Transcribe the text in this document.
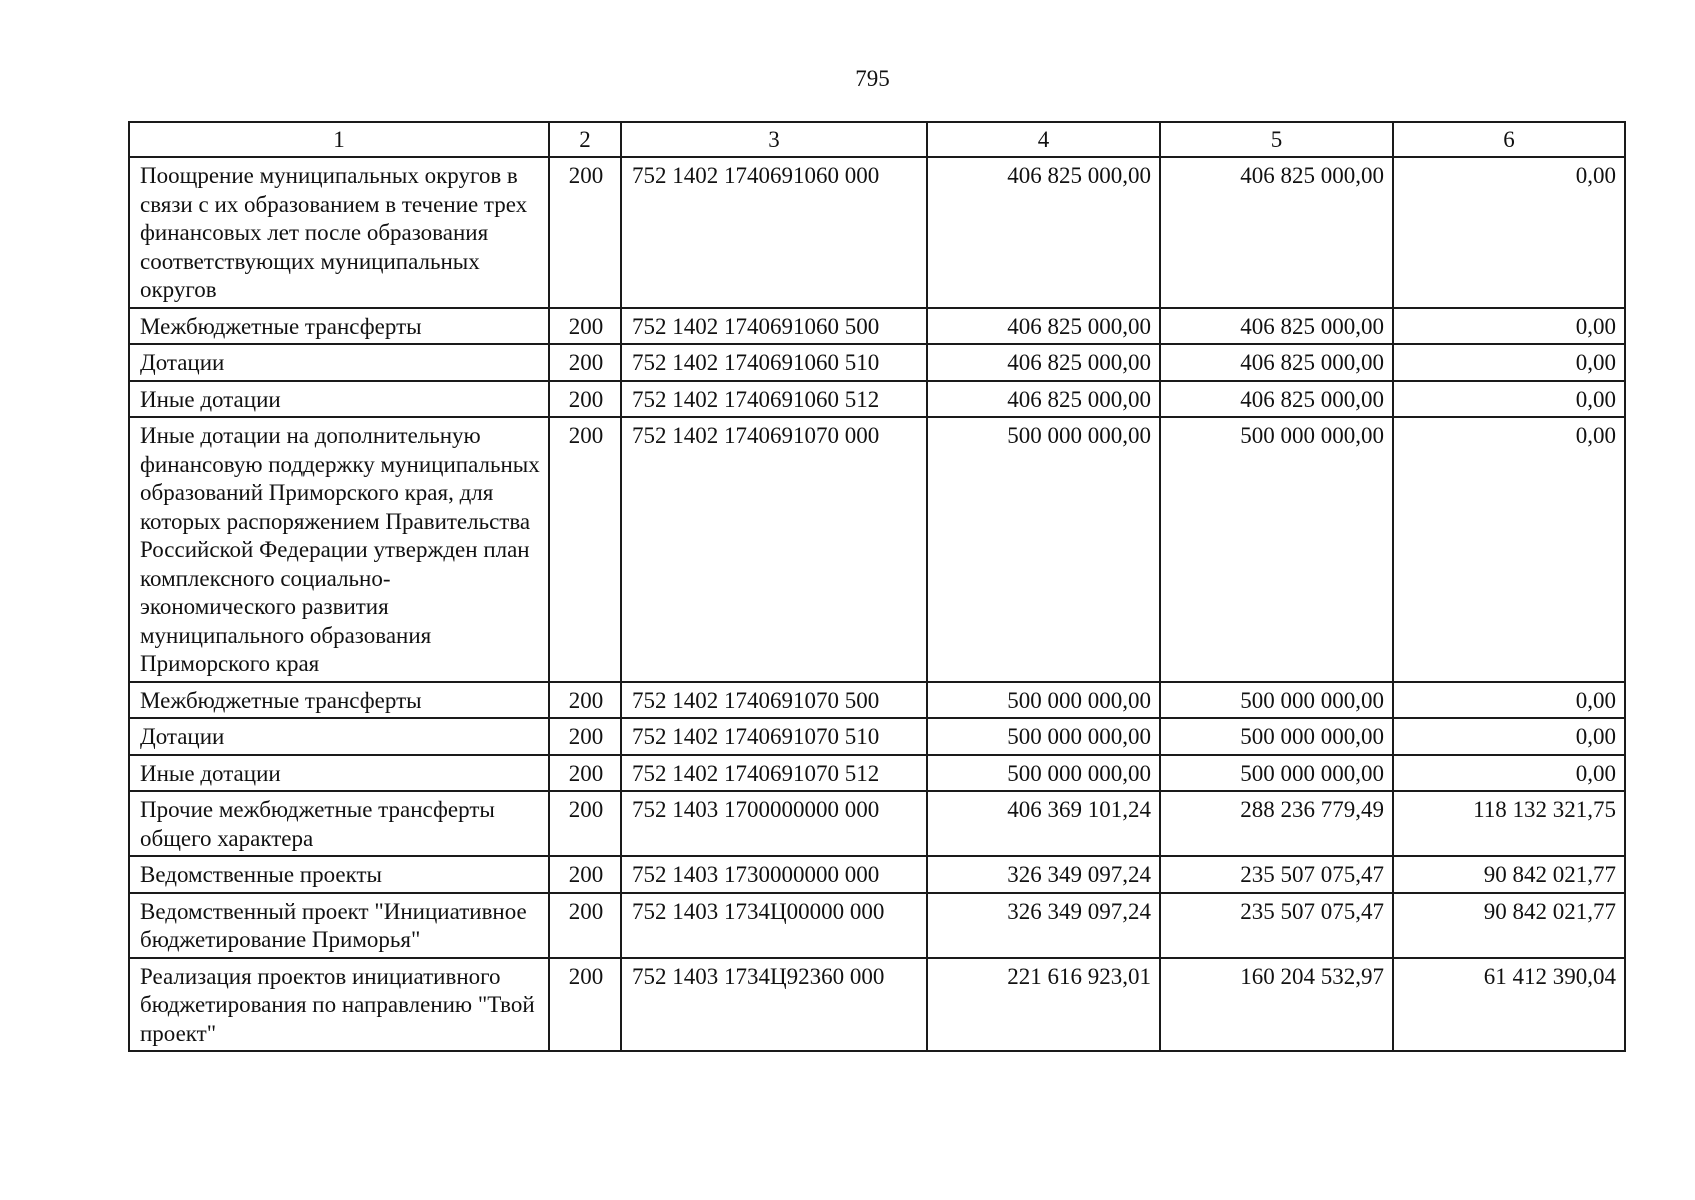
795
1	2	3	4	5	6
Поощрение муниципальных округов в связи с их образованием в течение трех финансовых лет после образования соответствующих муниципальных округов	200	752 1402 1740691060 000	406 825 000,00	406 825 000,00	0,00
Межбюджетные трансферты	200	752 1402 1740691060 500	406 825 000,00	406 825 000,00	0,00
Дотации	200	752 1402 1740691060 510	406 825 000,00	406 825 000,00	0,00
Иные дотации	200	752 1402 1740691060 512	406 825 000,00	406 825 000,00	0,00
Иные дотации на дополнительную финансовую поддержку муниципальных образований Приморского края, для которых распоряжением Правительства Российской Федерации утвержден план комплексного социально-экономического развития муниципального образования Приморского края	200	752 1402 1740691070 000	500 000 000,00	500 000 000,00	0,00
Межбюджетные трансферты	200	752 1402 1740691070 500	500 000 000,00	500 000 000,00	0,00
Дотации	200	752 1402 1740691070 510	500 000 000,00	500 000 000,00	0,00
Иные дотации	200	752 1402 1740691070 512	500 000 000,00	500 000 000,00	0,00
Прочие межбюджетные трансферты общего характера	200	752 1403 1700000000 000	406 369 101,24	288 236 779,49	118 132 321,75
Ведомственные проекты	200	752 1403 1730000000 000	326 349 097,24	235 507 075,47	90 842 021,77
Ведомственный проект "Инициативное бюджетирование Приморья"	200	752 1403 1734Ц00000 000	326 349 097,24	235 507 075,47	90 842 021,77
Реализация проектов инициативного бюджетирования по направлению "Твой проект"	200	752 1403 1734Ц92360 000	221 616 923,01	160 204 532,97	61 412 390,04
